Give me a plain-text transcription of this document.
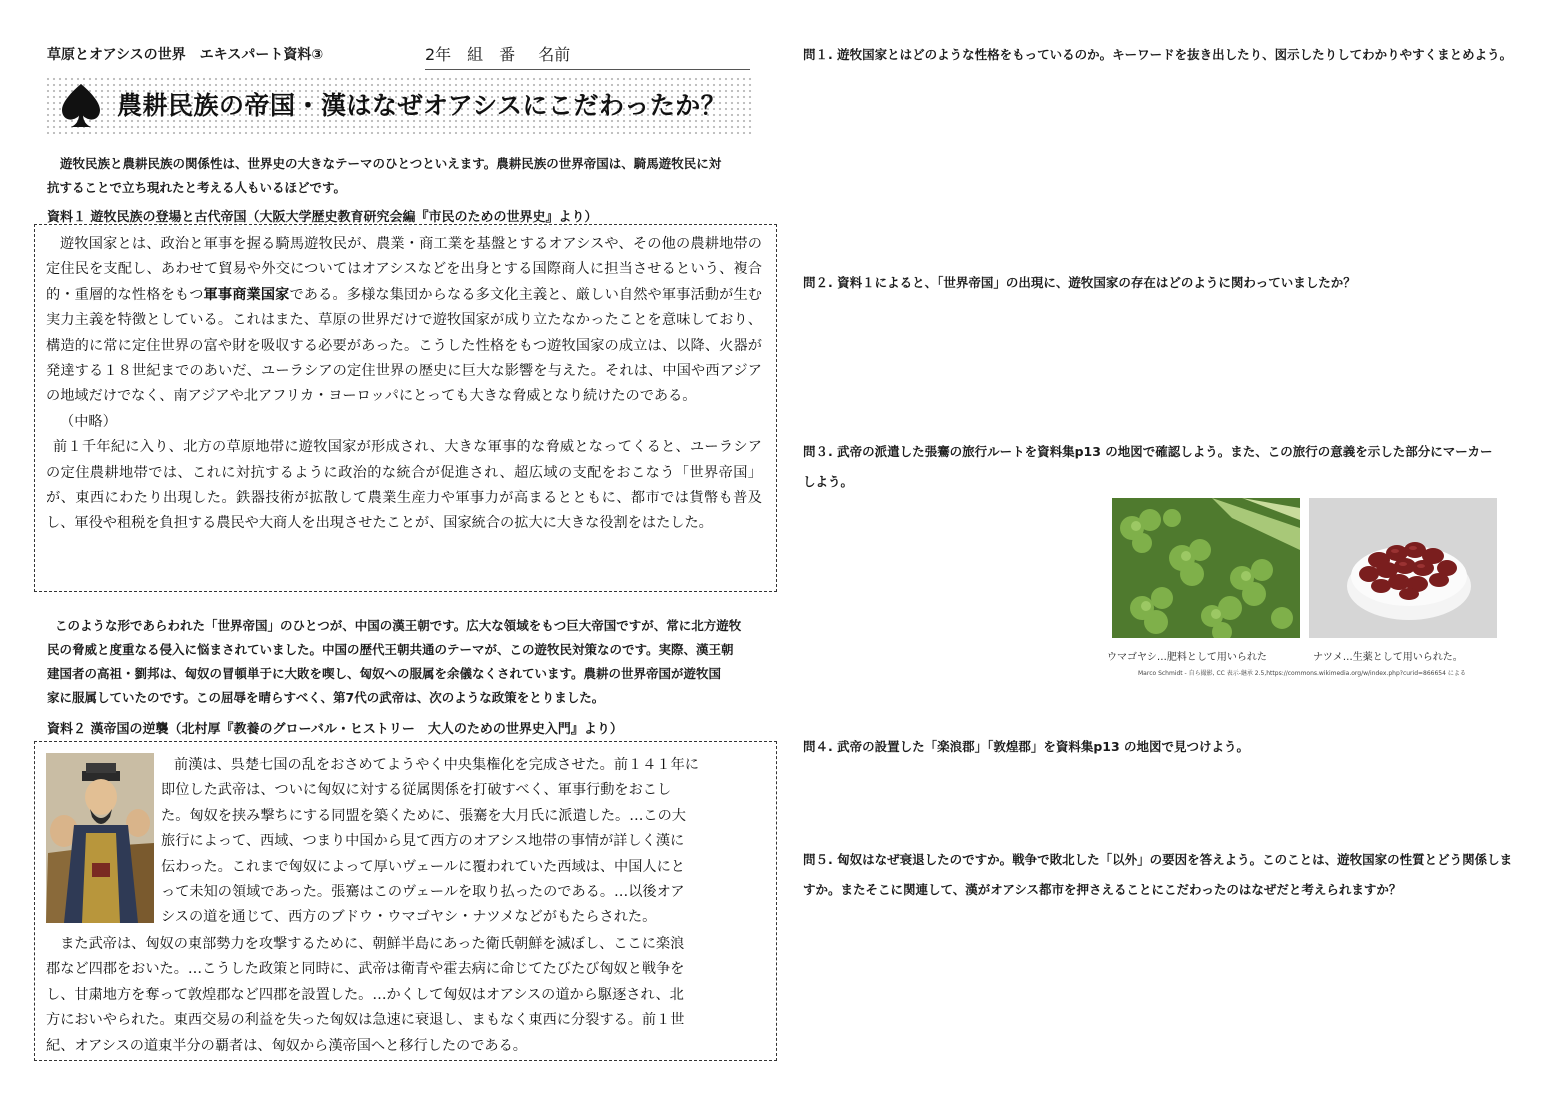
草原とオアシスの世界　エキスパート資料③	2年　組　番 名前
農耕民族の帝国・漢はなぜオアシスにこだわったか？

遊牧民族と農耕民族の関係性は、世界史の大きなテーマのひとつといえます。農耕民族の世界帝国は、騎馬遊牧民に対

抗することで立ち現れたと考える人もいるほどです。

資料１ 遊牧民族の登場と古代帝国（大阪大学歴史教育研究会編『市民のための世界史』より）

遊牧国家とは、政治と軍事を握る騎馬遊牧民が、農業・商工業を基盤とするオアシスや、その他の農耕地帯の定住民を支配し、あわせて貿易や外交についてはオアシスなどを出身とする国際商人に担当させるという、複合的・重層的な性格をもつ軍事商業国家である。多様な集団からなる多文化主義と、厳しい自然や軍事活動が生む実力主義を特徴としている。これはまた、草原の世界だけで遊牧国家が成り立たなかったことを意味しており、構造的に常に定住世界の富や財を吸収する必要があった。こうした性格をもつ遊牧国家の成立は、以降、火器が発達する１８世紀までのあいだ、ユーラシアの定住世界の歴史に巨大な影響を与えた。それは、中国や西アジアの地域だけでなく、南アジアや北アフリカ・ヨーロッパにとっても大きな脅威となり続けたのである。

（中略）

前１千年紀に入り、北方の草原地帯に遊牧国家が形成され、大きな軍事的な脅威となってくると、ユーラシアの定住農耕地帯では、これに対抗するように政治的な統合が促進され、超広域の支配をおこなう「世界帝国」が、東西にわたり出現した。鉄器技術が拡散して農業生産力や軍事力が高まるとともに、都市では貨幣も普及し、軍役や租税を負担する農民や大商人を出現させたことが、国家統合の拡大に大きな役割をはたした。

このような形であらわれた「世界帝国」のひとつが、中国の漢王朝です。広大な領域をもつ巨大帝国ですが、常に北方遊牧

民の脅威と度重なる侵入に悩まされていました。中国の歴代王朝共通のテーマが、この遊牧民対策なのです。実際、漢王朝

建国者の高祖・劉邦は、匈奴の冒頓単于に大敗を喫し、匈奴への服属を余儀なくされています。農耕の世界帝国が遊牧国

家に服属していたのです。この屈辱を晴らすべく、第7代の武帝は、次のような政策をとりました。

資料２ 漢帝国の逆襲（北村厚『教養のグローバル・ヒストリー　大人のための世界史入門』より）

前漢は、呉楚七国の乱をおさめてようやく中央集権化を完成させた。前１４１年に

即位した武帝は、ついに匈奴に対する従属関係を打破すべく、軍事行動をおこし

た。匈奴を挟み撃ちにする同盟を築くために、張騫を大月氏に派遣した。…この大

旅行によって、西域、つまり中国から見て西方のオアシス地帯の事情が詳しく漢に

伝わった。これまで匈奴によって厚いヴェールに覆われていた西域は、中国人にと

って未知の領域であった。張騫はこのヴェールを取り払ったのである。…以後オア

シスの道を通じて、西方のブドウ・ウマゴヤシ・ナツメなどがもたらされた。

　また武帝は、匈奴の東部勢力を攻撃するために、朝鮮半島にあった衛氏朝鮮を滅ぼし、ここに楽浪

郡など四郡をおいた。…こうした政策と同時に、武帝は衛青や霍去病に命じてたびたび匈奴と戦争を

し、甘粛地方を奪って敦煌郡など四郡を設置した。…かくして匈奴はオアシスの道から駆逐され、北

方においやられた。東西交易の利益を失った匈奴は急速に衰退し、まもなく東西に分裂する。前１世

紀、オアシスの道東半分の覇者は、匈奴から漢帝国へと移行したのである。

問１. 遊牧国家とはどのような性格をもっているのか。キーワードを抜き出したり、図示したりしてわかりやすくまとめよう。
問２. 資料１によると、「世界帝国」の出現に、遊牧国家の存在はどのように関わっていましたか？
問３. 武帝の派遣した張騫の旅行ルートを資料集p13 の地図で確認しよう。また、この旅行の意義を示した部分にマーカー
しよう。
問４. 武帝の設置した「楽浪郡」「敦煌郡」を資料集p13 の地図で見つけよう。
問５. 匈奴はなぜ衰退したのですか。戦争で敗北した「以外」の要因を答えよう。このことは、遊牧国家の性質とどう関係しま
すか。またそこに関連して、漢がオアシス都市を押さえることにこだわったのはなぜだと考えられますか？
ウマゴヤシ…肥料として用いられた	ナツメ…生薬として用いられた。
Marco Schmidt - 自ら撮影, CC 表示-継承 2.5,https://commons.wikimedia.org/w/index.php?curid=866654 による
